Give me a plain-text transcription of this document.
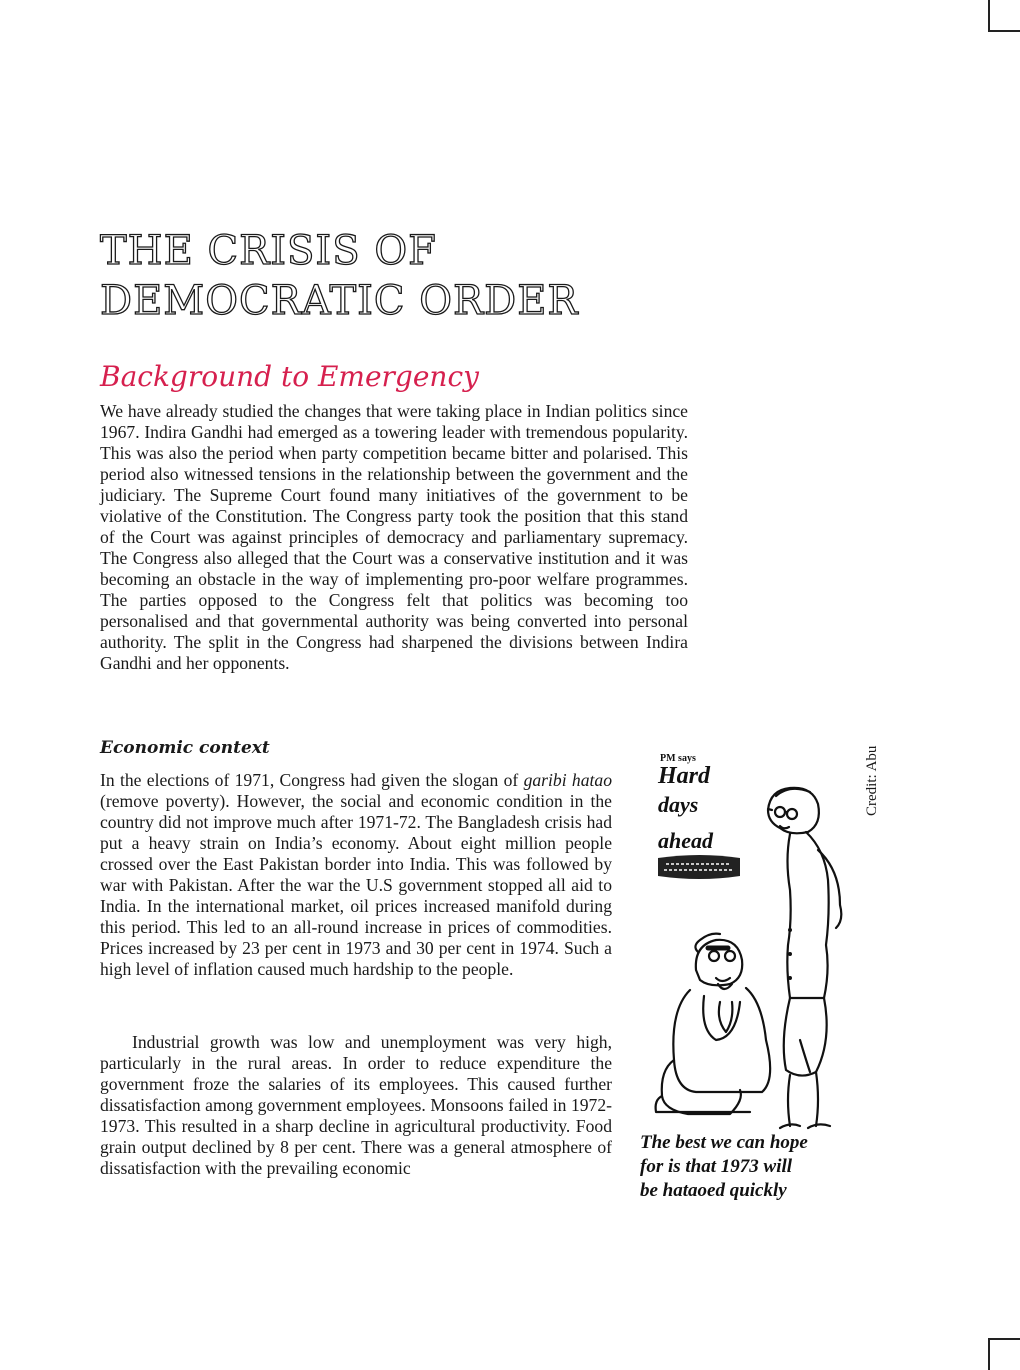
THE CRISIS OF
DEMOCRATIC ORDER
Background to Emergency

We have already studied the changes that were taking place in Indian politics since 1967. Indira Gandhi had emerged as a towering leader with tremendous popularity. This was also the period when party competition became bitter and polarised. This period also witnessed tensions in the relationship between the government and the judiciary. The Supreme Court found many initiatives of the government to be violative of the Constitution. The Congress party took the position that this stand of the Court was against principles of democracy and parliamentary supremacy. The Congress also alleged that the Court was a conservative institution and it was becoming an obstacle in the way of implementing pro-poor welfare programmes. The parties opposed to the Congress felt that politics was becoming too personalised and that governmental authority was being converted into personal authority. The split in the Congress had sharpened the divisions between Indira Gandhi and her opponents.

Economic context

In the elections of 1971, Congress had given the slogan of garibi hatao (remove poverty). However, the social and economic condition in the country did not improve much after 1971-72. The Bangladesh crisis had put a heavy strain on India’s economy. About eight million people crossed over the East Pakistan border into India. This was followed by war with Pakistan. After the war the U.S government stopped all aid to India. In the international market, oil prices increased manifold during this period. This led to an all-round increase in prices of commodities. Prices increased by 23 per cent in 1973 and 30 per cent in 1974. Such a high level of inflation caused much hardship to the people.

Industrial growth was low and unemployment was very high, particularly in the rural areas. In order to reduce expenditure the government froze the salaries of its employees. This caused further dissatisfaction among government employees. Monsoons failed in 1972-1973. This resulted in a sharp decline in agricultural productivity. Food grain output declined by 8 per cent. There was a general atmosphere of dissatisfaction with the prevailing economic

Credit: Abu
PM says
Hard
days
ahead
The best we can hope
for is that 1973 will
be hataoed quickly
